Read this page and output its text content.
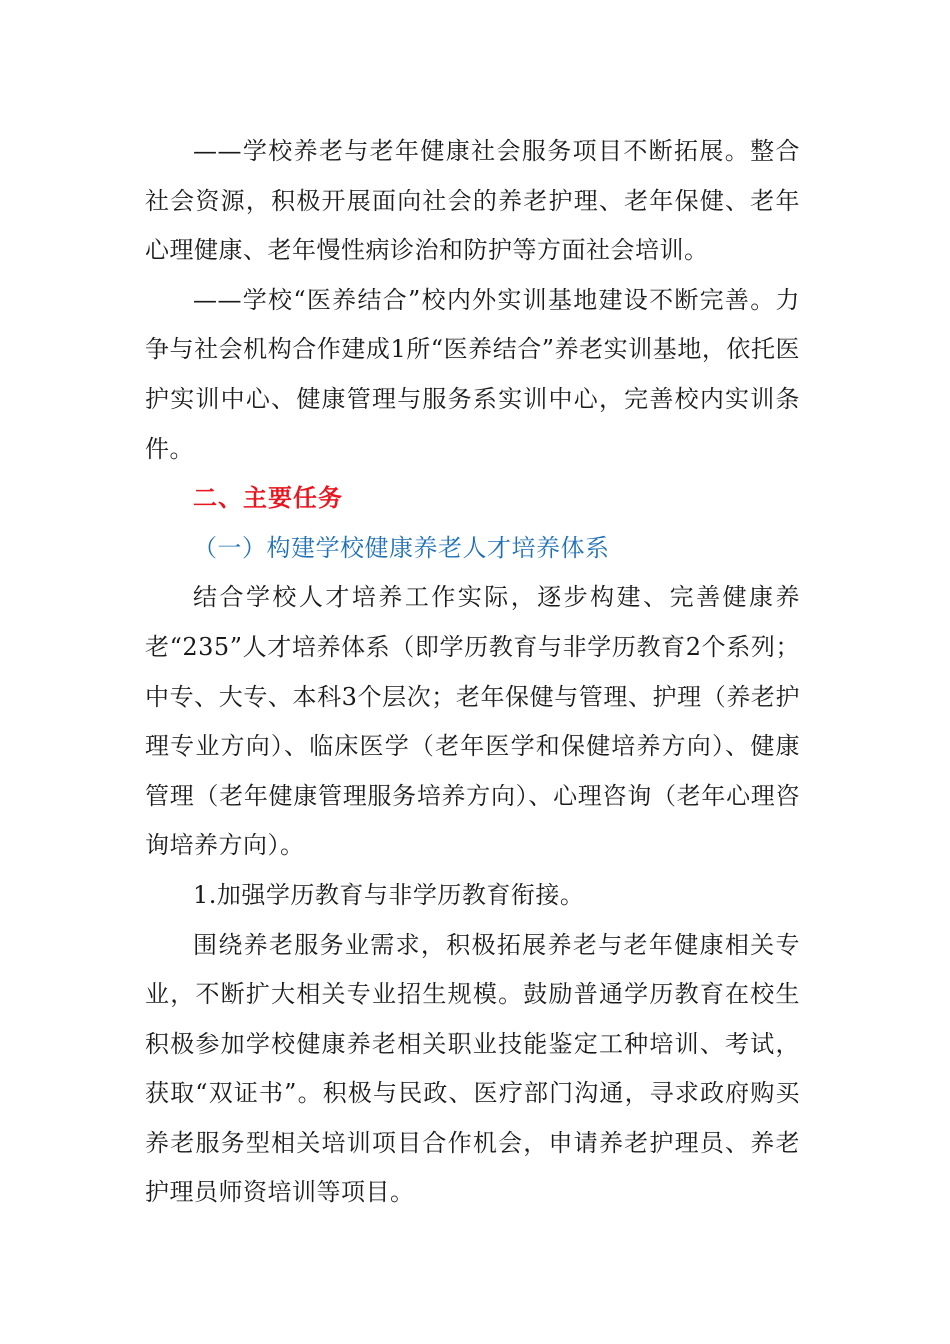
——学校养老与老年健康社会服务项目不断拓展。整合社会资源，积极开展面向社会的养老护理、老年保健、老年心理健康、老年慢性病诊治和防护等方面社会培训。

——学校“医养结合”校内外实训基地建设不断完善。力争与社会机构合作建成1所“医养结合”养老实训基地，依托医护实训中心、健康管理与服务系实训中心，完善校内实训条件。

二、主要任务

（一）构建学校健康养老人才培养体系

结合学校人才培养工作实际，逐步构建、完善健康养老“235”人才培养体系（即学历教育与非学历教育2个系列；中专、大专、本科3个层次；老年保健与管理、护理（养老护理专业方向）、临床医学（老年医学和保健培养方向）、健康管理（老年健康管理服务培养方向）、心理咨询（老年心理咨询培养方向）。

1.加强学历教育与非学历教育衔接。

围绕养老服务业需求，积极拓展养老与老年健康相关专业，不断扩大相关专业招生规模。鼓励普通学历教育在校生积极参加学校健康养老相关职业技能鉴定工种培训、考试，获取“双证书”。积极与民政、医疗部门沟通，寻求政府购买养老服务型相关培训项目合作机会，申请养老护理员、养老护理员师资培训等项目。
